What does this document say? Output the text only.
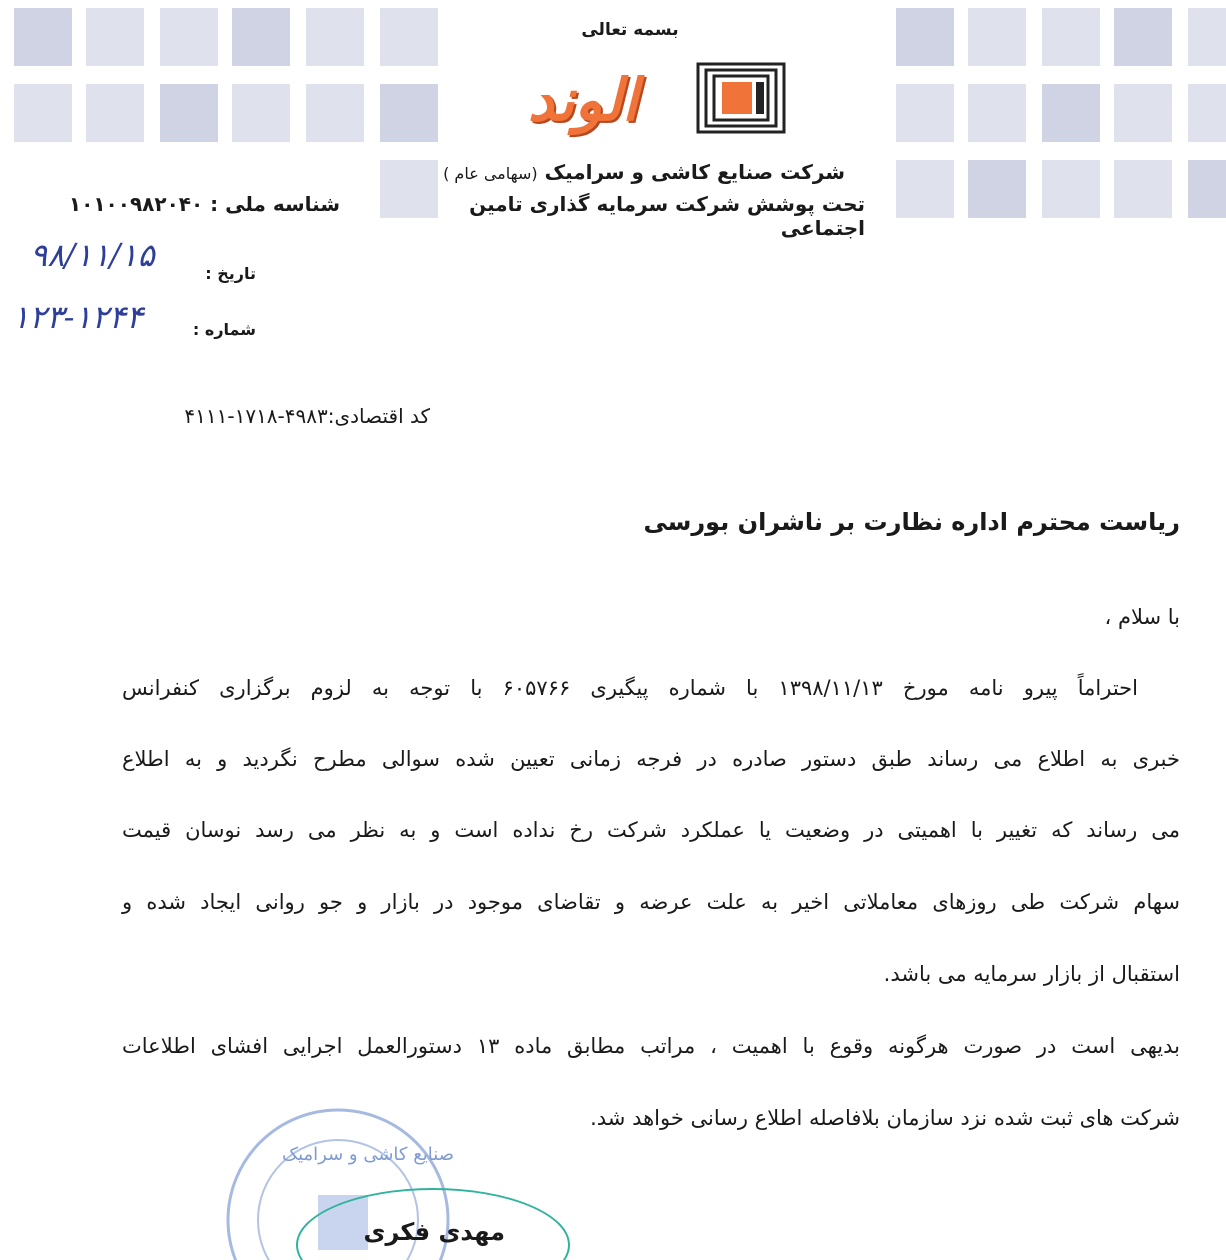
بسمه تعالی
الوند
شرکت صنایع کاشی و سرامیک (سهامی عام )
تحت پوشش شرکت سرمایه گذاری تامین اجتماعی
شناسه ملی : ۱۰۱۰۰۹۸۲۰۴۰
تاریخ :
۹۸/۱۱/۱۵
شماره :
۱۲۳-۱۲۴۴
کد اقتصادی:۴۹۸۳-۱۷۱۸-۴۱۱۱
ریاست محترم اداره نظارت بر ناشران بورسی
با سلام ،
احتراماً پیرو نامه مورخ ۱۳۹۸/۱۱/۱۳ با شماره پیگیری ۶۰۵۷۶۶ با توجه به لزوم برگزاری کنفرانس
خبری به اطلاع می رساند طبق دستور صادره در فرجه زمانی تعیین شده سوالی مطرح نگردید و به اطلاع
می رساند که تغییر با اهمیتی در وضعیت یا عملکرد شرکت رخ نداده است و به نظر می رسد نوسان قیمت
سهام شرکت طی روزهای معاملاتی اخیر به علت عرضه و تقاضای موجود در بازار و جو روانی ایجاد شده و
استقبال از بازار سرمایه می باشد.
بدیهی است در صورت هرگونه وقوع با اهمیت ، مراتب مطابق ماده ۱۳ دستورالعمل اجرایی افشای اطلاعات
شرکت های ثبت شده نزد سازمان بلافاصله اطلاع رسانی خواهد شد.
صنایع کاشی و سرامیک
مهدی فکری
